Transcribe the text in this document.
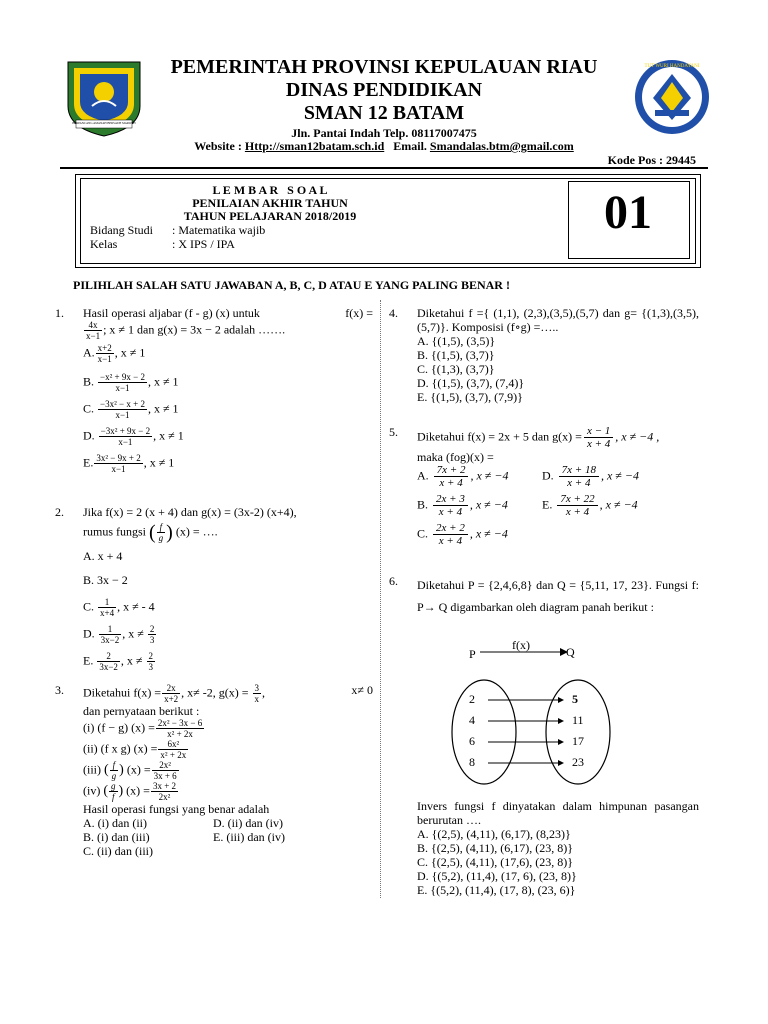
BERPANCANG AMANAH BERSAUH MARWAH
TUT WURI HANDAYANI
PEMERINTAH PROVINSI KEPULAUAN RIAU
DINAS PENDIDIKAN
SMAN 12 BATAM
Jln. Pantai Indah Telp. 08117007475
Website : Http://sman12batam.sch.id Email. Smandalas.btm@gmail.com
Kode Pos : 29445
L E M B A R   S O A L
PENILAIAN AKHIR TAHUN
TAHUN PELAJARAN 2018/2019
Bidang Studi : Matematika wajib
Kelas	: X IPS / IPA
01
PILIHLAH SALAH SATU JAWABAN A, B, C, D ATAU E YANG PALING BENAR !
1. Hasil operasi aljabar (f - g) (x) untuk	f(x) =
$\frac{4x}{x-1}$ ; x ≠ 1 dan g(x) = 3x − 2 adalah …….
A. $\frac{x+2}{x-1}$ , x ≠ 1
B. $\frac{\text{−x² + 9x − 2}}{x-1}$ , x ≠ 1
C. $\frac{\text{−3x² − x + 2}}{x-1}$ , x ≠ 1
D. $\frac{\text{−3x² + 9x − 2}}{x-1}$ , x ≠ 1
E. $\frac{\text{3x² − 9x + 2}}{x-1}$ , x ≠ 1
2. Jika f(x) = 2 (x + 4) dan g(x) = (3x-2) (x+4),
rumus fungsi ( $\frac{f}{g}$ ) (x) = ….
A. x + 4
B. 3x − 2
C. $\frac{1}{x+4}$ , x ≠ - 4
D. $\frac{1}{3x-2}$ , $x \ne \frac{2}{3}$
E. $\frac{2}{3x-2}$ , $x \ne \frac{2}{3}$
3. Diketahui $f(x) = \frac{2x}{x+2}$ , x≠ -2, $g(x) = \frac{3}{x}$ ,	x≠ 0
dan pernyataan berikut :
(i) (f − g) $(x) = \frac{\text{2x² − 3x − 6}}{\text{x² + 2x}}$
(ii) (f x g) $(x) = \frac{\text{6x²}}{\text{x² + 2x}}$
(iii) ( $\frac{f}{g}$ ) $(x) = \frac{\text{2x²}}{3x + 6}$
(iv) ( $\frac{g}{f}$ ) $(x) = \frac{3x + 2}{\text{2x²}}$
Hasil operasi fungsi yang benar adalah
A. (i) dan (ii)	D. (ii) dan (iv)
B. (i) dan (iii)	E. (iii) dan (iv)
C. (ii) dan (iii)
4. Diketahui f ={ (1,1), (2,3),(3,5),(5,7) dan g= {(1,3),(3,5), (5,7)}. Komposisi (f∘g) =…..
A. {(1,5), (3,5)}
B. {(1,5), (3,7)}
C. {(1,3), (3,7)}
D. {(1,5), (3,7), (7,4)}
E. {(1,5), (3,7), (7,9)}
5. Diketahui f(x) = 2x + 5 dan $g(x) = \frac{x - 1}{x + 4}$ , x ≠ −4 ,
maka (fog)(x) =
A. $\frac{7x + 2}{x + 4}$ , x ≠ −4	D. $\frac{7x + 18}{x + 4}$ , x ≠ −4
B. $\frac{2x + 3}{x + 4}$ , x ≠ −4	E. $\frac{7x + 22}{x + 4}$ , x ≠ −4
C. $\frac{2x + 2}{x + 4}$ , x ≠ −4
6. Diketahui P = {2,4,6,8} dan Q = {5,11, 17, 23}. Fungsi f: P→ Q digambarkan oleh diagram panah berikut :
f(x)
P	Q
2
4
6
8
5
11
17
23
Invers fungsi f dinyatakan dalam himpunan pasangan berurutan ….
A. {(2,5), (4,11), (6,17), (8,23)}
B. {(2,5), (4,11), (6,17), (23, 8)}
C. {(2,5), (4,11), (17,6), (23, 8)}
D. {(5,2), (11,4), (17, 6), (23, 8)}
E. {(5,2), (11,4), (17, 8), (23, 6)}
